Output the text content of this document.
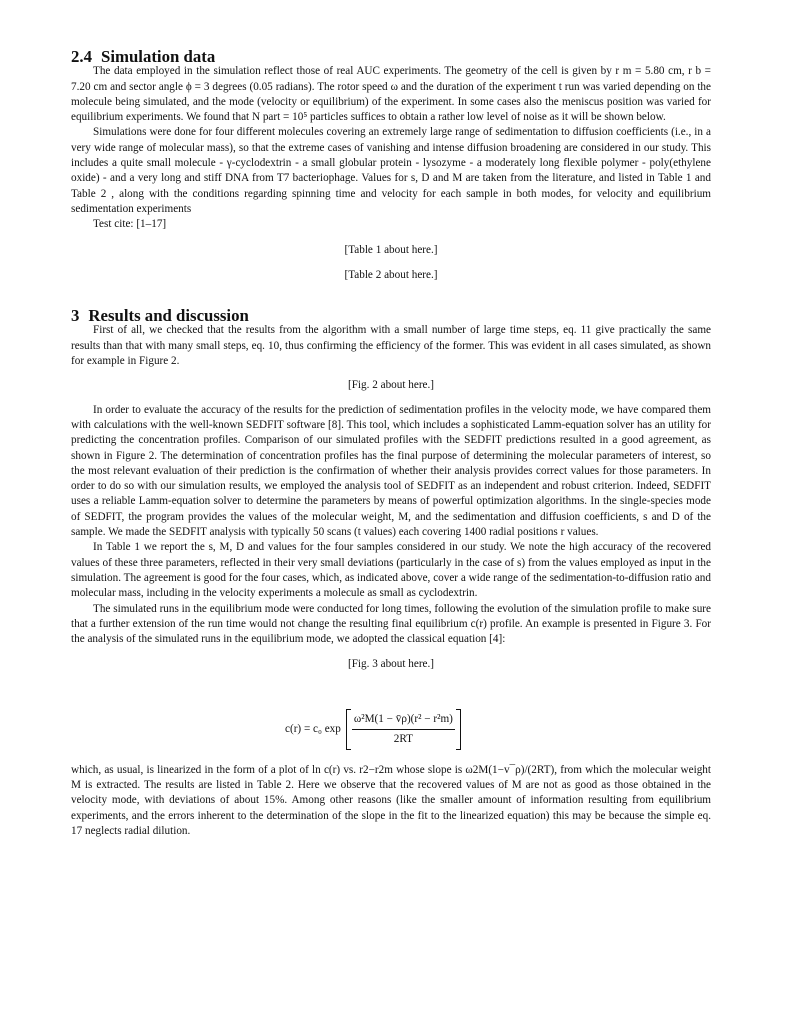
2.4 Simulation data

The data employed in the simulation reflect those of real AUC experiments. The geometry of the cell is given by r m = 5.80 cm, r b = 7.20 cm and sector angle ϕ = 3 degrees (0.05 radians). The rotor speed ω and the duration of the experiment t run was varied depending on the molecule being simulated, and the mode (velocity or equilibrium) of the experiment. In some cases also the meniscus position was varied for equilibrium experiments. We found that N part = 10⁵ particles suffices to obtain a rather low level of noise as it will be shown below.

Simulations were done for four different molecules covering an extremely large range of sedimentation to diffusion coefficients (i.e., in a very wide range of molecular mass), so that the extreme cases of vanishing and intense diffusion broadening are considered in our study. This includes a quite small molecule - γ-cyclodextrin - a small globular protein - lysozyme - a moderately long flexible polymer - poly(ethylene oxide) - and a very long and stiff DNA from T7 bacteriophage. Values for s, D and M are taken from the literature, and listed in Table 1 and Table 2 , along with the conditions regarding spinning time and velocity for each sample in both modes, for velocity and equilibrium sedimentation experiments

Test cite: [1–17]

[Table 1 about here.]

[Table 2 about here.]

3 Results and discussion

First of all, we checked that the results from the algorithm with a small number of large time steps, eq. 11 give practically the same results than that with many small steps, eq. 10, thus confirming the efficiency of the former. This was evident in all cases simulated, as shown for example in Figure 2.

[Fig. 2 about here.]

In order to evaluate the accuracy of the results for the prediction of sedimentation profiles in the velocity mode, we have compared them with calculations with the well-known SEDFIT software [8]. This tool, which includes a sophisticated Lamm-equation solver has an utility for predicting the concentration profiles. Comparison of our simulated profiles with the SEDFIT predictions resulted in a good agreement, as shown in Figure 2. The determination of concentration profiles has the final purpose of determining the molecular parameters of interest, so the most relevant evaluation of their prediction is the confirmation of whether their analysis provides correct values for those parameters. In order to do so with our simulation results, we employed the analysis tool of SEDFIT as an independent and robust criterion. Indeed, SEDFIT uses a reliable Lamm-equation solver to determine the parameters by means of powerful optimization algorithms. In the single-species mode of SEDFIT, the program provides the values of the molecular weight, M, and the sedimentation and diffusion coefficients, s and D of the sample. We made the SEDFIT analysis with typically 50 scans (t values) each covering 1400 radial positions r values.

In Table 1 we report the s, M, D and values for the four samples considered in our study. We note the high accuracy of the recovered values of these three parameters, reflected in their very small deviations (particularly in the case of s) from the values employed as input in the simulation. The agreement is good for the four cases, which, as indicated above, cover a wide range of the sedimentation-to-diffusion ratio and molecular mass, including in the velocity experiments a molecule as small as cyclodextrin.

The simulated runs in the equilibrium mode were conducted for long times, following the evolution of the simulation profile to make sure that a further extension of the run time would not change the resulting final equilibrium c(r) profile. An example is presented in Figure 3. For the analysis of the simulated runs in the equilibrium mode, we adopted the classical equation [4]:

[Fig. 3 about here.]

c(r) = c₀ $\exp \frac{\text{ω²M(1 − v̄ρ)(r² − r²m)}}{2RT}$

which, as usual, is linearized in the form of a plot of ln c(r) vs. r2−r2m whose slope is ω2M(1−v¯ρ)/(2RT), from which the molecular weight M is extracted. The results are listed in Table 2. Here we observe that the recovered values of M are not as good as those obtained in the velocity mode, with deviations of about 15%. Among other reasons (like the smaller amount of information resulting from equilibrium experiments, and the errors inherent to the determination of the slope in the fit to the linearized equation) this may be because the simple eq. 17 neglects radial dilution.
